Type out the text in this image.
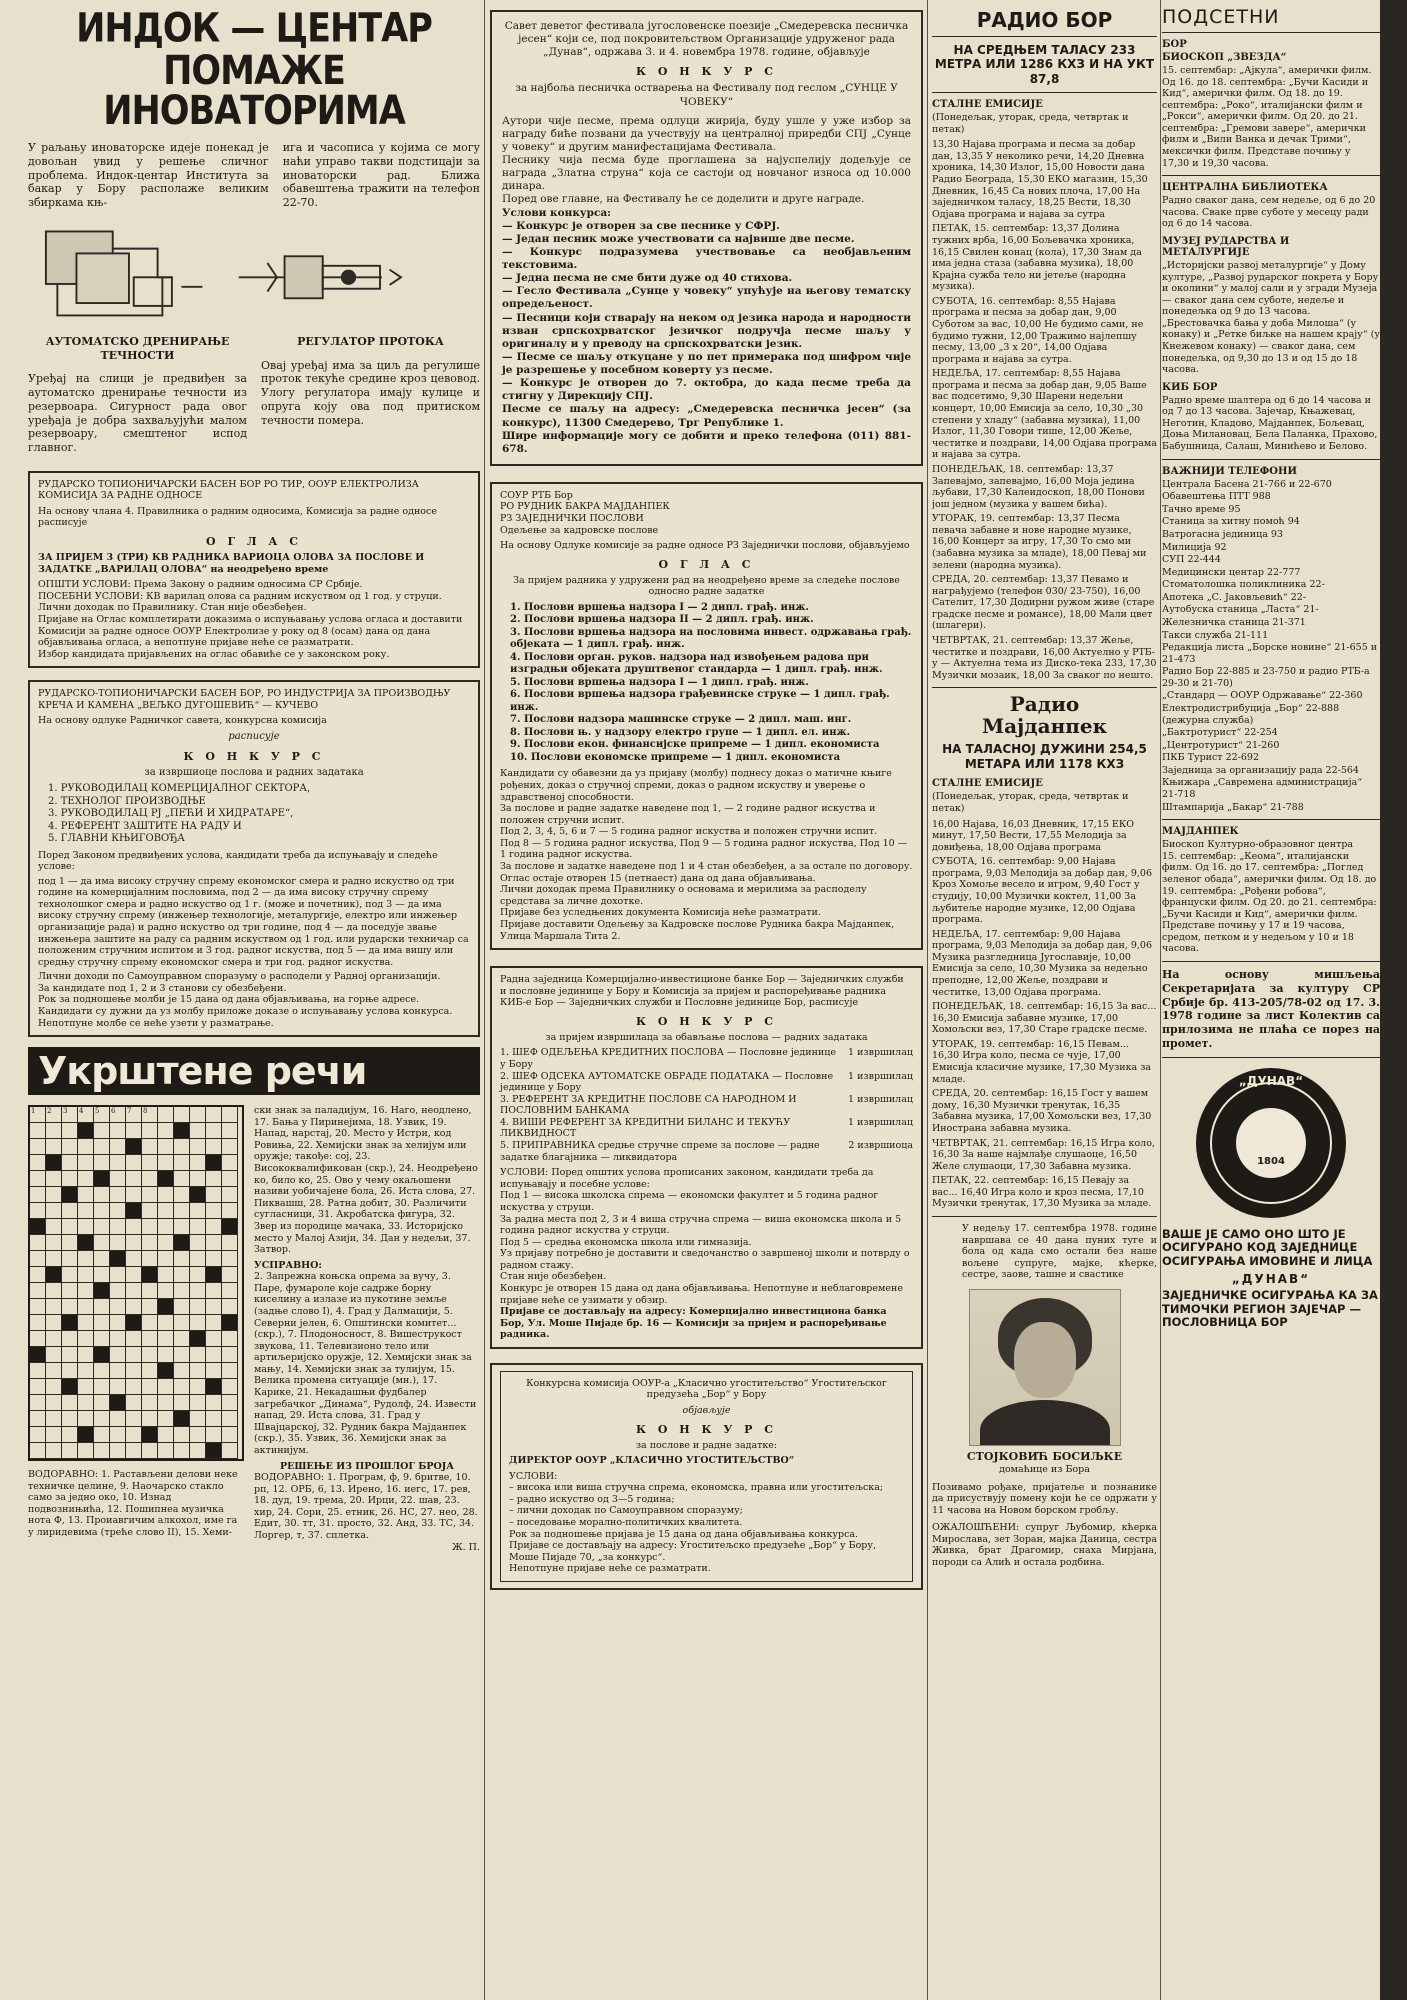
ИНДОК — ЦЕНТАР
ПОМАЖЕ ИНОВАТОРИМА

У раљању иноваторске идеје понекад је довољан увид у решење сличног проблема. Индок-центар Института за бакар у Бору располаже великим збиркама књ-

ига и часописа у којима се могу наћи управо такви подстицаји за иноваторски рад. Ближа обавештења тражити на телефон 22-70.

АУТОМАТСКО ДРЕНИРАЊЕ ТЕЧНОСТИ

Уређај на слици је предвиђен за аутоматско дренирање течности из резервоара. Сигурност рада овог уређаја је добра захваљујући малом резервоару, смештеног испод главног.

РЕГУЛАТОР ПРОТОКА

Овај уређај има за циљ да регулише проток текуће средине кроз цевовод. Улогу регулатора имају кулице и опруга коју ова под притиском течности помера.

РУДАРСКО ТОПИОНИЧАРСКИ БАСЕН БОР РО ТИР, ООУР ЕЛЕКТРОЛИЗА КОМИСИЈА ЗА РАДНЕ ОДНОСЕ

На основу члана 4. Правилника о радним односима, Комисија за радне односе расписује

О Г Л А С

ЗА ПРИЈЕМ 3 (ТРИ) КВ РАДНИКА ВАРИОЦА ОЛОВА ЗА ПОСЛОВЕ И ЗАДАТКЕ „ВАРИЛАЦ ОЛОВА“ на неодређено време

ОПШТИ УСЛОВИ: Према Закону о радним односима СР Србије.

ПОСЕБНИ УСЛОВИ: КВ варилац олова са радним искуством од 1 год. у струци.

Лични доходак по Правилнику. Стан није обезбеђен.

Пријаве на Оглас комплетирати доказима о испуњавању услова огласа и доставити Комисији за радне односе ООУР Електролизе у року од 8 (осам) дана од дана објављивања огласа, а непотпуне пријаве неће се разматрати.

Избор кандидата пријављених на оглас обавиће се у законском року.

РУДАРСКО-ТОПИОНИЧАРСКИ БАСЕН БОР, РО ИНДУСТРИЈА ЗА ПРОИЗВОДЊУ КРЕЧА И КАМЕНА „ВЕЉКО ДУГОШЕВИЋ“ — КУЧЕВО

На основу одлуке Радничког савета, конкурсна комисија

расписује
К О Н К У Р С
за извршиоце послова и радних задатака
1. РУКОВОДИЛАЦ КОМЕРЦИЈАЛНОГ СЕКТОРА,
2. ТЕХНОЛОГ ПРОИЗВОДЊЕ
3. РУКОВОДИЛАЦ РЈ „ПЕЋИ И ХИДРАТАРЕ“,
4. РЕФЕРЕНТ ЗАШТИТЕ НА РАДУ И
5. ГЛАВНИ КЊИГОВОЂА

Поред Законом предвиђених услова, кандидати треба да испуњавају и следеће услове:

под 1 — да има високу стручну спрему економског смера и радно искуство од три године на комерцијалним пословима, под 2 — да има високу стручну спрему технолошког смера и радно искуство од 1 г. (може и почетник), под 3 — да има високу стручну спрему (инжењер технологије, металургије, електро или инжењер организације рада) и радно искуство од три године, под 4 — да поседује звање инжењера заштите на раду са радним искуством од 1 год. или рударски техничар са положеним стручним испитом и 3 год. радног искуства, под 5 — да има вишу или средњу стручну спрему економског смера и три год. радног искуства.

Лични доходи по Самоуправном споразуму о расподели у Радној организацији.

За кандидате под 1, 2 и 3 станови су обезбеђени.

Рок за подношење молби је 15 дана од дана објављивања, на горње адресе.

Кандидати су дужни да уз молбу приложе доказе о испуњавању услова конкурса.

Непотпуне молбе се неће узети у разматрање.

Укрштене речи
1	2	3	4	5	6	7	8

ВОДОРАВНО: 1. Растављени делови неке техничке целине, 9. Наочарско стакло само за једно око, 10. Изнад подвознињића, 12. Пошипнеа музичка нота Ф, 13. Проиавгичим алкохол, име га у лиридевима (треће слово II), 15. Хеми-

ски знак за паладијум, 16. Нагo, неодлено, 17. Бања у Пиринејима, 18. Узвик, 19. Напад, нарстај, 20. Место у Истри, код Ровиња, 22. Хемијски знак за хелијум или оружје; такође: соj, 23. Висококвалификован (скр.), 24. Неодређено ко, било ко, 25. Ово у чему окаљошени називи уобичајене бола, 26. Иста слова, 27. Пиквашш, 28. Ратна добит, 30. Различити сугласници, 31. Акробатска фигура, 32. Звер из породице мачака, 33. Историјско место у Малој Азији, 34. Дан у недељи, 37. Затвор.

УСПРАВНО:

2. Запрежна коњска опрема за вучу, 3. Паре, фумароле које садрже борну киселину а излазе из пукотине земље (задње слово I), 4. Град у Далмацији, 5. Северни јелен, 6. Општински комитет... (скр.), 7. Плодоносност, 8. Вишеструкост звукова, 11. Телевизионо тело или артиљеријско оружје, 12. Хемијски знак за мању, 14. Хемијски знак за тулијум, 15. Велика промена ситуације (мн.), 17. Карике, 21. Некадашњи фудбалер загребачког „Динама“, Рудолф, 24. Извести напад, 29. Иста слова, 31. Град у Швајцарској, 32. Рудник бакра Мајданпек (скр.), 35. Узвик, 36. Хемијски знак за актинијум.

РЕШЕЊЕ ИЗ ПРОШЛОГ БРОЈА

ВОДОРАВНО: 1. Програм, ф, 9. бритве, 10. рп, 12. ОРБ, 6, 13. Ирено, 16. иегс, 17. рев, 18. дуд, 19. трема, 20. Ирци, 22. шав, 23. хир, 24. Сори, 25. етник, 26. НС, 27. нео, 28. Едит, 30. тт, 31. просто, 32. Анд, 33. ТС, 34. Лоргер, т, 37. сплетка.

Ж. П.

Савет деветог фестивала југословенске поезије „Смедеревска песничка јесен“ који се, под покровитељством Организације удруженог рада „Дунав“, одржава 3. и 4. новембра 1978. године, објављује

К О Н К У Р С

за најбоља песничка остварења на Фестивалу под геслом „СУНЦЕ У ЧОВЕКУ“

Аутори чије песме, према одлуци жирија, буду ушле у уже избор за награду биће позвани да учествују на централној приредби СПЈ „Сунце у човеку“ и другим манифестацијама Фестивала.

Песнику чија песма буде проглашена за најуспелију додељује се награда „Златна струна“ која се састоји од новчаног износа од 10.000 динара.

Поред ове главне, на Фестивалу ће се доделити и друге награде.

Услови конкурса:

— Конкурс је отворен за све песнике у СФРЈ.

— Један песник може учествовати са највише две песме.

— Конкурс подразумева учествовање са необјављеним текстовима.

— Једна песма не сме бити дуже од 40 стихова.

— Гесло Фестивала „Сунце у човеку“ упућује на његову тематску опредељеност.

— Песници који стварају на неком од језика народа и народности изван српскохрватског језичког подручја песме шаљу у оригиналу и у преводу на српскохрватски језик.

— Песме се шаљу откуцане у по пет примерака под шифром чије је разрешење у посебном коверту уз песме.

— Конкурс је отворен до 7. октобра, до када песме треба да стигну у Дирекцију СПЈ.

Песме се шаљу на адресу: „Смедеревска песничка јесен“ (за конкурс), 11300 Смедерево, Трг Републике 1.

Шире информације могу се добити и преко телефона (011) 881-678.

СОУР РТБ Бор

РО РУДНИК БАКРА МАЈДАНПЕК

РЗ ЗАЈЕДНИЧКИ ПОСЛОВИ

Одељење за кадровске послове

На основу Одлуке комисије за радне односе РЗ Заједнички послови, објављујемо

О Г Л А С

За пријем радника у удружени рад на неодређено време за следеће послове односно радне задатке

1. Послови вршења надзора I — 2 дипл. грађ. инж.
2. Послови вршења надзора II — 2 дипл. грађ. инж.
3. Послови вршења надзора на пословима инвест. одржавања грађ. објеката — 1 дипл. грађ. инж.
4. Послови орган. руков. надзора над извођењем радова при изградњи објеката друштвеног стандарда — 1 дипл. грађ. инж.
5. Послови вршења надзора I — 1 дипл. грађ. инж.
6. Послови вршења надзора грађевинске струке — 1 дипл. грађ. инж.
7. Послови надзора машинске струке — 2 дипл. маш. инг.
8. Послови њ. у надзору електро групе — 1 дипл. ел. инж.
9. Послови екон. финансијске припреме — 1 дипл. економиста
10. Послови економске припреме — 1 дипл. економиста

Кандидати су обавезни да уз пријаву (молбу) поднесу доказ о матичне књиге рођених, доказ о стручној спреми, доказ о радном искуству и уверење о здравственој способности.

За послове и радне задатке наведене под 1, — 2 године радног искуства и положен стручни испит.

Под 2, 3, 4, 5, 6 и 7 — 5 година радног искуства и положен стручни испит.

Под 8 — 5 година радног искуства, Под 9 — 5 година радног искуства, Под 10 — 1 година радног искуства.

За послове и задатке наведене под 1 и 4 стан обезбеђен, а за остале по договору.

Оглас остаје отворен 15 (петнаест) дана од дана објављивања.

Лични доходак према Правилнику о основама и мерилима за расподелу средстава за личне дохотке.

Пријаве без уследњених документа Комисија неће разматрати.

Пријаве доставити Одељењу за Кадровске послове Рудника бакра Мајданпек, Улица Маршала Тита 2.

Радна заједница Комерцијално-инвестиционе банке Бор — Заједничких служби и пословне јединице у Бору и Комисија за пријем и распоређивање радника КИБ-е Бор — Заједничких служби и Пословне јединице Бор, расписује

К О Н К У Р С

за пријем извршилаца за обављање послова — радних задатака

1. ШЕФ ОДЕЉЕЊА КРЕДИТНИХ ПОСЛОВА — Пословне јединице у Бору
1 извршилац
2. ШЕФ ОДСЕКА АУТОМАТСКЕ ОБРАДЕ ПОДАТАКА — Пословне јединице у Бору
1 извршилац
3. РЕФЕРЕНТ ЗА КРЕДИТНЕ ПОСЛОВЕ СА НАРОДНОМ И ПОСЛОВНИМ БАНКАМА
1 извршилац
4. ВИШИ РЕФЕРЕНТ ЗА КРЕДИТНИ БИЛАНС И ТЕКУЋУ ЛИКВИДНОСТ
1 извршилац
5. ПРИПРАВНИКА средње стручне спреме за послове — радне задатке благајника — ликвидатора
2 извршиоца

УСЛОВИ: Поред општих услова прописаних законом, кандидати треба да испуњавају и посебне услове:

Под 1 — висока школска спрема — економски факултет и 5 година радног искуства у струци.

За радна места под 2, 3 и 4 виша стручна спрема — виша економска школа и 5 година радног искуства у струци.

Под 5 — средња економска школа или гимназија.

Уз пријаву потребно је доставити и сведочанство о завршеној школи и потврду о радном стажу.

Стан није обезбеђен.

Конкурс је отворен 15 дана од дана објављивања. Непотпуне и неблаговремене пријаве неће се узимати у обзир.

Пријаве се достављају на адресу: Комерцијално инвестициона банка Бор, Ул. Моше Пијаде бр. 16 — Комисији за пријем и распоређивање радника.

Конкурсна комисија ООУР-а „Класично угоститељство“ Угоститељског предузећа „Бор“ у Бору

објављује

К О Н К У Р С

за послове и радне задатке:

ДИРЕКТОР ООУР „КЛАСИЧНО УГОСТИТЕЉСТВО“

УСЛОВИ:

– висока или виша стручна спрема, економска, правна или угоститељска;

– радно искуство од 3—5 година;

– лични доходак по Самоуправном споразуму;

– поседовање морално-политичких квалитета.

Рок за подношење пријава је 15 дана од дана објављивања конкурса.

Пријаве се достављају на адресу: Угоститељско предузеће „Бор“ у Бору, Моше Пијаде 70, „за конкурс“.

Непотпуне пријаве неће се разматрати.

РАДИО БОР
НА СРЕДЊЕМ ТАЛАСУ 233 МЕТРА ИЛИ 1286 КХЗ И НА УКТ 87,8

СТАЛНЕ ЕМИСИЈЕ

(Понедељак, уторак, среда, четвртак и петак)

13,30 Најава програма и песма за добар дан, 13,35 У неколико речи, 14,20 Дневна хроника, 14,30 Излог, 15,00 Новости дана Радио Београда, 15,30 ЕКО магазин, 15,30 Дневник, 16,45 Са нових плоча, 17,00 На заједничком таласу, 18,25 Вести, 18,30 Одјава програма и најава за сутра

ПЕТАК, 15. септембар: 13,37 Долина тужних врба, 16,00 Бољевачка хроника, 16,15 Свилен конац (кола), 17,30 Знам да има једна стаза (забавна музика), 18,00 Крајна сужба тело ни јетеље (народна музика).

СУБОТА, 16. септембар: 8,55 Најава програма и песма за добар дан, 9,00 Суботом за вас, 10,00 Не будимо сами, не будимо тужни, 12,00 Тражимо најлепшу песму, 13,00 „3 х 20“, 14,00 Одјава програма и најава за сутра.

НЕДЕЉА, 17. септембар: 8,55 Најава програма и песма за добар дан, 9,05 Ваше вас подсетимо, 9,30 Шарени недељни концерт, 10,00 Емисија за село, 10,30 „30 степени у хладу“ (забавна музика), 11,00 Излог, 11,30 Говори тише, 12,00 Жеље, честитке и поздрави, 14,00 Одјава програма и најава за сутра.

ПОНЕДЕЉАК, 18. септембар: 13,37 Запевајмо, запевајмо, 16,00 Моја једина љубави, 17,30 Калеидоскоп, 18,00 Понови још једном (музика у вашем бића).

УТОРАК, 19. септембар: 13,37 Песма певача забавне и нове народне музике, 16,00 Концерт за игру, 17,30 То смо ми (забавна музика за младе), 18,00 Певај ми зелени (народна музика).

СРЕДА, 20. септембар: 13,37 Певамо и награђујемо (телефон 030/ 23-750), 16,00 Сателит, 17,30 Додирни ружом живе (старе градске песме и романсе), 18,00 Мали цвет (шлагери).

ЧЕТВРТАК, 21. септембар: 13,37 Жеље, честитке и поздрави, 16,00 Актуелно у РТБ-у — Актуелна тема из Диско-тека 233, 17,30 Музички мозаик, 18,00 За сваког по нешто.

Радио
Мајданпек
НА ТАЛАСНОЈ ДУЖИНИ 254,5 МЕТАРА ИЛИ 1178 КХЗ

СТАЛНЕ ЕМИСИЈЕ

(Понедељак, уторак, среда, четвртак и петак)

16,00 Најава, 16,03 Дневник, 17,15 ЕКО минут, 17,50 Вести, 17,55 Мелодија за довиђења, 18,00 Одјава програма

СУБОТА, 16. септембар: 9,00 Најава програма, 9,03 Мелодија за добар дан, 9,06 Кроз Хомоље весело и игром, 9,40 Гост у студију, 10,00 Музички коктел, 11,00 За љубитеље народне музике, 12,00 Одјава програма.

НЕДЕЉА, 17. септембар: 9,00 Најава програма, 9,03 Мелодија за добар дан, 9,06 Музика разгледница Југославије, 10,00 Емисија за село, 10,30 Музика за недељно преподне, 12,00 Жеље, поздрави и честитке, 13,00 Одјава програма.

ПОНЕДЕЉАК, 18. септембар: 16,15 За вас... 16,30 Емисија забавне музике, 17,00 Хомољски вез, 17,30 Старе градске песме.

УТОРАК, 19. септембар: 16,15 Певам... 16,30 Игра коло, песма се чује, 17,00 Емисија класичне музике, 17,30 Музика за младе.

СРЕДА, 20. септембар: 16,15 Гост у вашем дому, 16,30 Музички тренутак, 16,35 Забавна музика, 17,00 Хомољски вез, 17,30 Инострана забавна музика.

ЧЕТВРТАК, 21. септембар: 16,15 Игра коло, 16,30 За наше најмлађе слушаоце, 16,50 Желе слушаоци, 17,30 Забавна музика.

ПЕТАК, 22. септембар: 16,15 Певају за вас... 16,40 Игра коло и кроз песма, 17,10 Музички тренутак, 17,30 Музика за младе.

У недељу 17. септембра 1978. године навршава се 40 дана пуних туге и бола од када смо остали без наше вољене супруге, мајке, кћерке, сестре, заове, ташне и свастике

СТОЈКОВИЋ БОСИЉКЕ
домаћице из Бора

Позивамо рођаке, пријатеље и познанике да присуствују помену који ће се одржати у 11 часова на Новом борском гробљу.

ОЖАЛОШЋЕНИ: супруг Љубомир, кћерка Мирослава, зет Зоран, мајка Даница, сестра Живка, брат Драгомир, снаха Мирјана, породи са Алић и остала родбина.

ПОДСЕТНИ

БОР

БИОСКОП „ЗВЕЗДА“

15. септембар: „Ајкула“, амерички филм. Од 16. до 18. септембра: „Бучи Касиди и Кид“, амерички филм. Од 18. до 19. септембра: „Роко“, италијански филм и „Рокси“, амерички филм. Од 20. до 21. септембра: „Гремови завере“, амерички филм и „Вили Ванка и дечак Трими“, мексички филм. Представе почињу у 17,30 и 19,30 часова.

ЦЕНТРАЛНА БИБЛИОТЕКА

Радно сваког дана, сем недеље, од 6 до 20 часова. Сваке прве суботе у месецу ради од 6 до 14 часова.

МУЗЕЈ РУДАРСТВА И МЕТАЛУРГИЈЕ

„Историјски развој металургије“ у Дому културе, „Развој рударског покрета у Бору и околини“ у малој сали и у згради Музеја — сваког дана сем суботе, недеље и понедељка од 9 до 13 часова. „Брестовачка бања у доба Милоша“ (у конаку) и „Ретке биљке на нашем крају“ (у Кнежевом конаку) — сваког дана, сем понедељка, од 9,30 до 13 и од 15 до 18 часова.

КИБ БОР

Радно време шалтера од 6 до 14 часова и од 7 до 13 часова. Зајечар, Књажевац, Неготин, Кладово, Мајданпек, Бољевац, Доња Милановац, Бела Паланка, Прахово, Бабушница, Салаш, Минићево и Белово.

ВАЖНИЈИ ТЕЛЕФОНИ

Централа Басена 21-766 и 22-670

Обавештења ПТТ 988

Тачно време 95

Станица за хитну помоћ 94

Ватрогасна јединица 93

Милиција 92

СУП 22-444

Медицински центар 22-777

Стоматолошка поликлиника 22-

Апотека „С. Јаковљевић“ 22-

Аутобуска станица „Ласта“ 21-

Железничка станица 21-371

Такси служба 21-111

Редакција листа „Борске новине“ 21-655 и 21-473

Радио Бор 22-885 и 23-750 и радио РТБ-а 29-30 и 21-70)

„Стандард — ООУР Одржавање“ 22-360

Електродистрибуција „Бор“ 22-888 (дежурна служба)

„Бактротурист“ 22-254

„Центротурист“ 21-260

ПКБ Турист 22-692

Заједница за организацију рада 22-564

Књижара „Савремена администрација“ 21-718

Штампарија „Бакар“ 21-788

МАЈДАНПЕК

Биоскоп Културно-образовног центра

15. септембар: „Кеома“, италијански филм. Од 16. до 17. септембра: „Поглед зеленог обада“, амерички филм. Од 18. до 19. септембра: „Рођени робова“, француски филм. Од 20. до 21. септембра: „Бучи Касиди и Кид“, амерички филм. Представе почињу у 17 и 19 часова, средом, петком и у недељом у 10 и 18 часова.

На основу мишљења Секретаријата за културу СР Србије бр. 413-205/78-02 од 17. 3. 1978 године за лист Колектив са прилозима не плаћа се порез на промет.

„ДУНАВ“
1804

ВАШЕ ЈЕ САМО ОНО ШТО ЈЕ ОСИГУРАНО КОД ЗАЈЕДНИЦЕ ОСИГУРАЊА ИМОВИНЕ И ЛИЦА

„ДУНАВ“

ЗАЈЕДНИЧКЕ ОСИГУРАЊА КА ЗА ТИМОЧКИ РЕГИОН ЗАЈЕЧАР — ПОСЛОВНИЦА БОР
